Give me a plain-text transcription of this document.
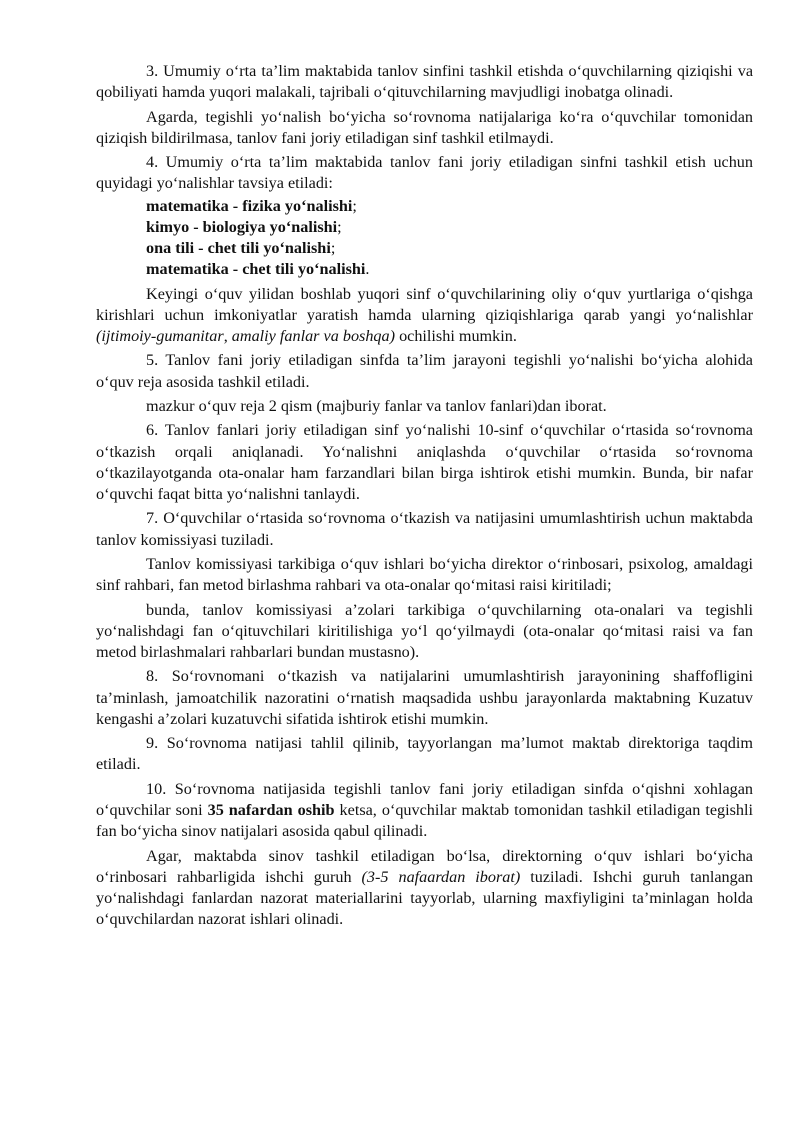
3. Umumiy o‘rta ta’lim maktabida tanlov sinfini tashkil etishda o‘quvchilarning qiziqishi va qobiliyati hamda yuqori malakali, tajribali o‘qituvchilarning mavjudligi inobatga olinadi.

Agarda, tegishli yo‘nalish bo‘yicha so‘rovnoma natijalariga ko‘ra o‘quvchilar tomonidan qiziqish bildirilmasa, tanlov fani joriy etiladigan sinf tashkil etilmaydi.

4. Umumiy o‘rta ta’lim maktabida tanlov fani joriy etiladigan sinfni tashkil etish uchun quyidagi yo‘nalishlar tavsiya etiladi:

matematika - fizika yo‘nalishi;
kimyo - biologiya yo‘nalishi;
ona tili - chet tili yo‘nalishi;
matematika - chet tili yo‘nalishi.

Keyingi o‘quv yilidan boshlab yuqori sinf o‘quvchilarining oliy o‘quv yurtlariga o‘qishga kirishlari uchun imkoniyatlar yaratish hamda ularning qiziqishlariga qarab yangi yo‘nalishlar (ijtimoiy-gumanitar, amaliy fanlar va boshqa) ochilishi mumkin.

5. Tanlov fani joriy etiladigan sinfda ta’lim jarayoni tegishli yo‘nalishi bo‘yicha alohida o‘quv reja asosida tashkil etiladi.

mazkur o‘quv reja 2 qism (majburiy fanlar va tanlov fanlari)dan iborat.

6. Tanlov fanlari joriy etiladigan sinf yo‘nalishi 10-sinf o‘quvchilar o‘rtasida so‘rovnoma o‘tkazish orqali aniqlanadi. Yo‘nalishni aniqlashda o‘quvchilar o‘rtasida so‘rovnoma o‘tkazilayotganda ota-onalar ham farzandlari bilan birga ishtirok etishi mumkin. Bunda, bir nafar o‘quvchi faqat bitta yo‘nalishni tanlaydi.

7. O‘quvchilar o‘rtasida so‘rovnoma o‘tkazish va natijasini umumlashtirish uchun maktabda tanlov komissiyasi tuziladi.

Tanlov komissiyasi tarkibiga o‘quv ishlari bo‘yicha direktor o‘rinbosari, psixolog, amaldagi sinf rahbari, fan metod birlashma rahbari va ota-onalar qo‘mitasi raisi kiritiladi;

bunda, tanlov komissiyasi a’zolari tarkibiga o‘quvchilarning ota-onalari va tegishli yo‘nalishdagi fan o‘qituvchilari kiritilishiga yo‘l qo‘yilmaydi (ota-onalar qo‘mitasi raisi va fan metod birlashmalari rahbarlari bundan mustasno).

8. So‘rovnomani o‘tkazish va natijalarini umumlashtirish jarayonining shaffofligini ta’minlash, jamoatchilik nazoratini o‘rnatish maqsadida ushbu jarayonlarda maktabning Kuzatuv kengashi a’zolari kuzatuvchi sifatida ishtirok etishi mumkin.

9. So‘rovnoma natijasi tahlil qilinib, tayyorlangan ma’lumot maktab direktoriga taqdim etiladi.

10. So‘rovnoma natijasida tegishli tanlov fani joriy etiladigan sinfda o‘qishni xohlagan o‘quvchilar soni 35 nafardan oshib ketsa, o‘quvchilar maktab tomonidan tashkil etiladigan tegishli fan bo‘yicha sinov natijalari asosida qabul qilinadi.

Agar, maktabda sinov tashkil etiladigan bo‘lsa, direktorning o‘quv ishlari bo‘yicha o‘rinbosari rahbarligida ishchi guruh (3-5 nafaardan iborat) tuziladi. Ishchi guruh tanlangan yo‘nalishdagi fanlardan nazorat materiallarini tayyorlab, ularning maxfiyligini ta’minlagan holda o‘quvchilardan nazorat ishlari olinadi.
